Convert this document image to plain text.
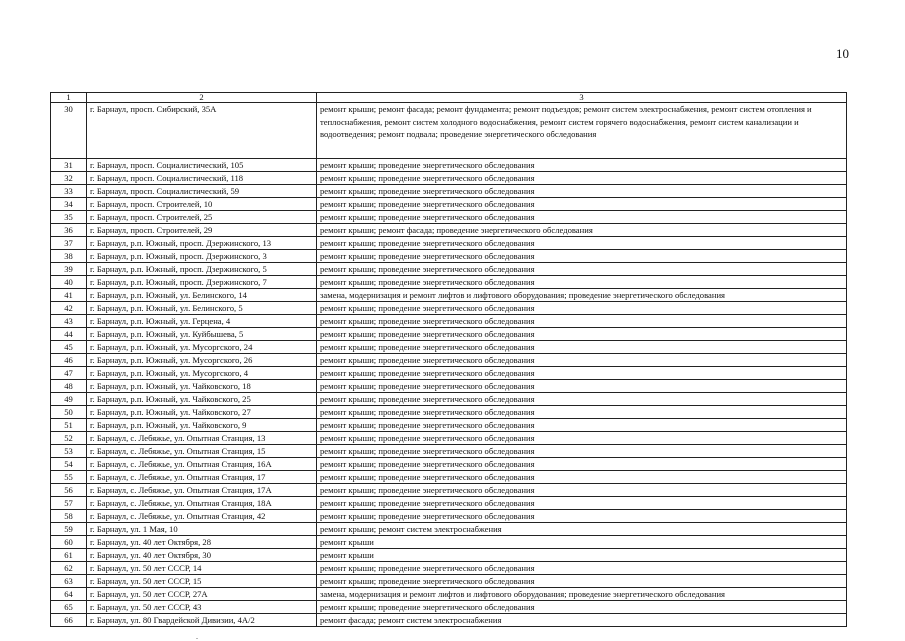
10
1	2	3
30	г. Барнаул, просп. Сибирский, 35А	ремонт крыши; ремонт фасада; ремонт фундамента; ремонт подъездов; ремонт систем электроснабжения, ремонт систем отопления и теплоснабжения, ремонт систем холодного водоснабжения, ремонт систем горячего водоснабжения, ремонт систем канализации и водоотведения; ремонт подвала; проведение энергетического обследования
31	г. Барнаул, просп. Социалистический, 105	ремонт крыши; проведение энергетического обследования
32	г. Барнаул, просп. Социалистический, 118	ремонт крыши; проведение энергетического обследования
33	г. Барнаул, просп. Социалистический, 59	ремонт крыши; проведение энергетического обследования
34	г. Барнаул, просп. Строителей, 10	ремонт крыши; проведение энергетического обследования
35	г. Барнаул, просп. Строителей, 25	ремонт крыши; проведение энергетического обследования
36	г. Барнаул, просп. Строителей, 29	ремонт крыши; ремонт фасада; проведение энергетического обследования
37	г. Барнаул, р.п. Южный, просп. Дзержинского, 13	ремонт крыши; проведение энергетического обследования
38	г. Барнаул, р.п. Южный, просп. Дзержинского, 3	ремонт крыши; проведение энергетического обследования
39	г. Барнаул, р.п. Южный, просп. Дзержинского, 5	ремонт крыши; проведение энергетического обследования
40	г. Барнаул, р.п. Южный, просп. Дзержинского, 7	ремонт крыши; проведение энергетического обследования
41	г. Барнаул, р.п. Южный, ул. Белинского, 14	замена, модернизация и ремонт лифтов и лифтового оборудования; проведение энергетического обследования
42	г. Барнаул, р.п. Южный, ул. Белинского, 5	ремонт крыши; проведение энергетического обследования
43	г. Барнаул, р.п. Южный, ул. Герцена, 4	ремонт крыши; проведение энергетического обследования
44	г. Барнаул, р.п. Южный, ул. Куйбышева, 5	ремонт крыши; проведение энергетического обследования
45	г. Барнаул, р.п. Южный, ул. Мусоргского, 24	ремонт крыши; проведение энергетического обследования
46	г. Барнаул, р.п. Южный, ул. Мусоргского, 26	ремонт крыши; проведение энергетического обследования
47	г. Барнаул, р.п. Южный, ул. Мусоргского, 4	ремонт крыши; проведение энергетического обследования
48	г. Барнаул, р.п. Южный, ул. Чайковского, 18	ремонт крыши; проведение энергетического обследования
49	г. Барнаул, р.п. Южный, ул. Чайковского, 25	ремонт крыши; проведение энергетического обследования
50	г. Барнаул, р.п. Южный, ул. Чайковского, 27	ремонт крыши; проведение энергетического обследования
51	г. Барнаул, р.п. Южный, ул. Чайковского, 9	ремонт крыши; проведение энергетического обследования
52	г. Барнаул, с. Лебяжье, ул. Опытная Станция, 13	ремонт крыши; проведение энергетического обследования
53	г. Барнаул, с. Лебяжье, ул. Опытная Станция, 15	ремонт крыши; проведение энергетического обследования
54	г. Барнаул, с. Лебяжье, ул. Опытная Станция, 16А	ремонт крыши; проведение энергетического обследования
55	г. Барнаул, с. Лебяжье, ул. Опытная Станция, 17	ремонт крыши; проведение энергетического обследования
56	г. Барнаул, с. Лебяжье, ул. Опытная Станция, 17А	ремонт крыши; проведение энергетического обследования
57	г. Барнаул, с. Лебяжье, ул. Опытная Станция, 18А	ремонт крыши; проведение энергетического обследования
58	г. Барнаул, с. Лебяжье, ул. Опытная Станция, 42	ремонт крыши; проведение энергетического обследования
59	г. Барнаул, ул. 1 Мая, 10	ремонт крыши; ремонт систем электроснабжения
60	г. Барнаул, ул. 40 лет Октября, 28	ремонт крыши
61	г. Барнаул, ул. 40 лет Октября, 30	ремонт крыши
62	г. Барнаул, ул. 50 лет СССР, 14	ремонт крыши; проведение энергетического обследования
63	г. Барнаул, ул. 50 лет СССР, 15	ремонт крыши; проведение энергетического обследования
64	г. Барнаул, ул. 50 лет СССР, 27А	замена, модернизация и ремонт лифтов и лифтового оборудования; проведение энергетического обследования
65	г. Барнаул, ул. 50 лет СССР, 43	ремонт крыши; проведение энергетического обследования
66	г. Барнаул, ул. 80 Гвардейской Дивизии, 4А/2	ремонт фасада; ремонт систем электроснабжения
.
